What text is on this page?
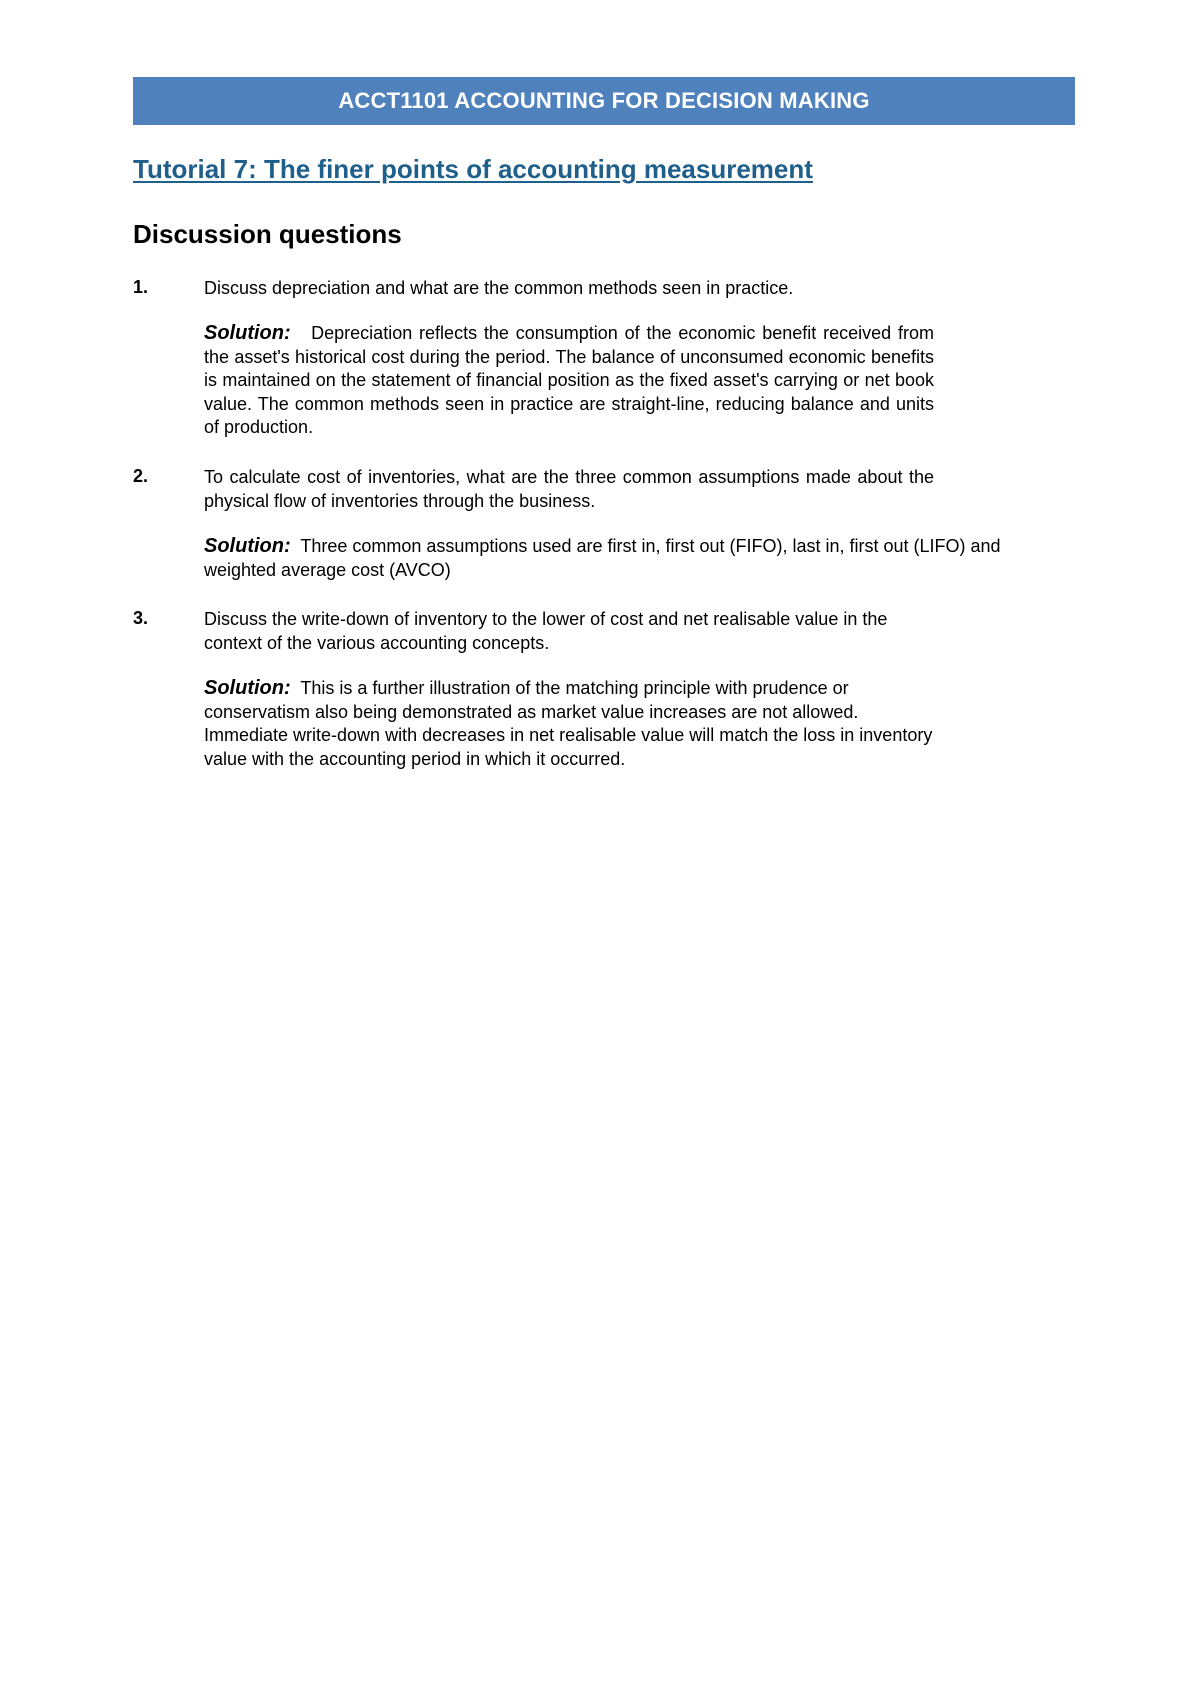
ACCT1101 ACCOUNTING FOR DECISION MAKING
Tutorial 7: The finer points of accounting measurement
Discussion questions
1.	Discuss depreciation and what are the common methods seen in practice.
Solution: Depreciation reflects the consumption of the economic benefit received from the asset's historical cost during the period. The balance of unconsumed economic benefits is maintained on the statement of financial position as the fixed asset's carrying or net book value. The common methods seen in practice are straight-line, reducing balance and units of production.
2.	To calculate cost of inventories, what are the three common assumptions made about the physical flow of inventories through the business.
Solution: Three common assumptions used are first in, first out (FIFO), last in, first out (LIFO) and weighted average cost (AVCO)
3.	Discuss the write-down of inventory to the lower of cost and net realisable value in the context of the various accounting concepts.
Solution: This is a further illustration of the matching principle with prudence or conservatism also being demonstrated as market value increases are not allowed. Immediate write-down with decreases in net realisable value will match the loss in inventory value with the accounting period in which it occurred.
